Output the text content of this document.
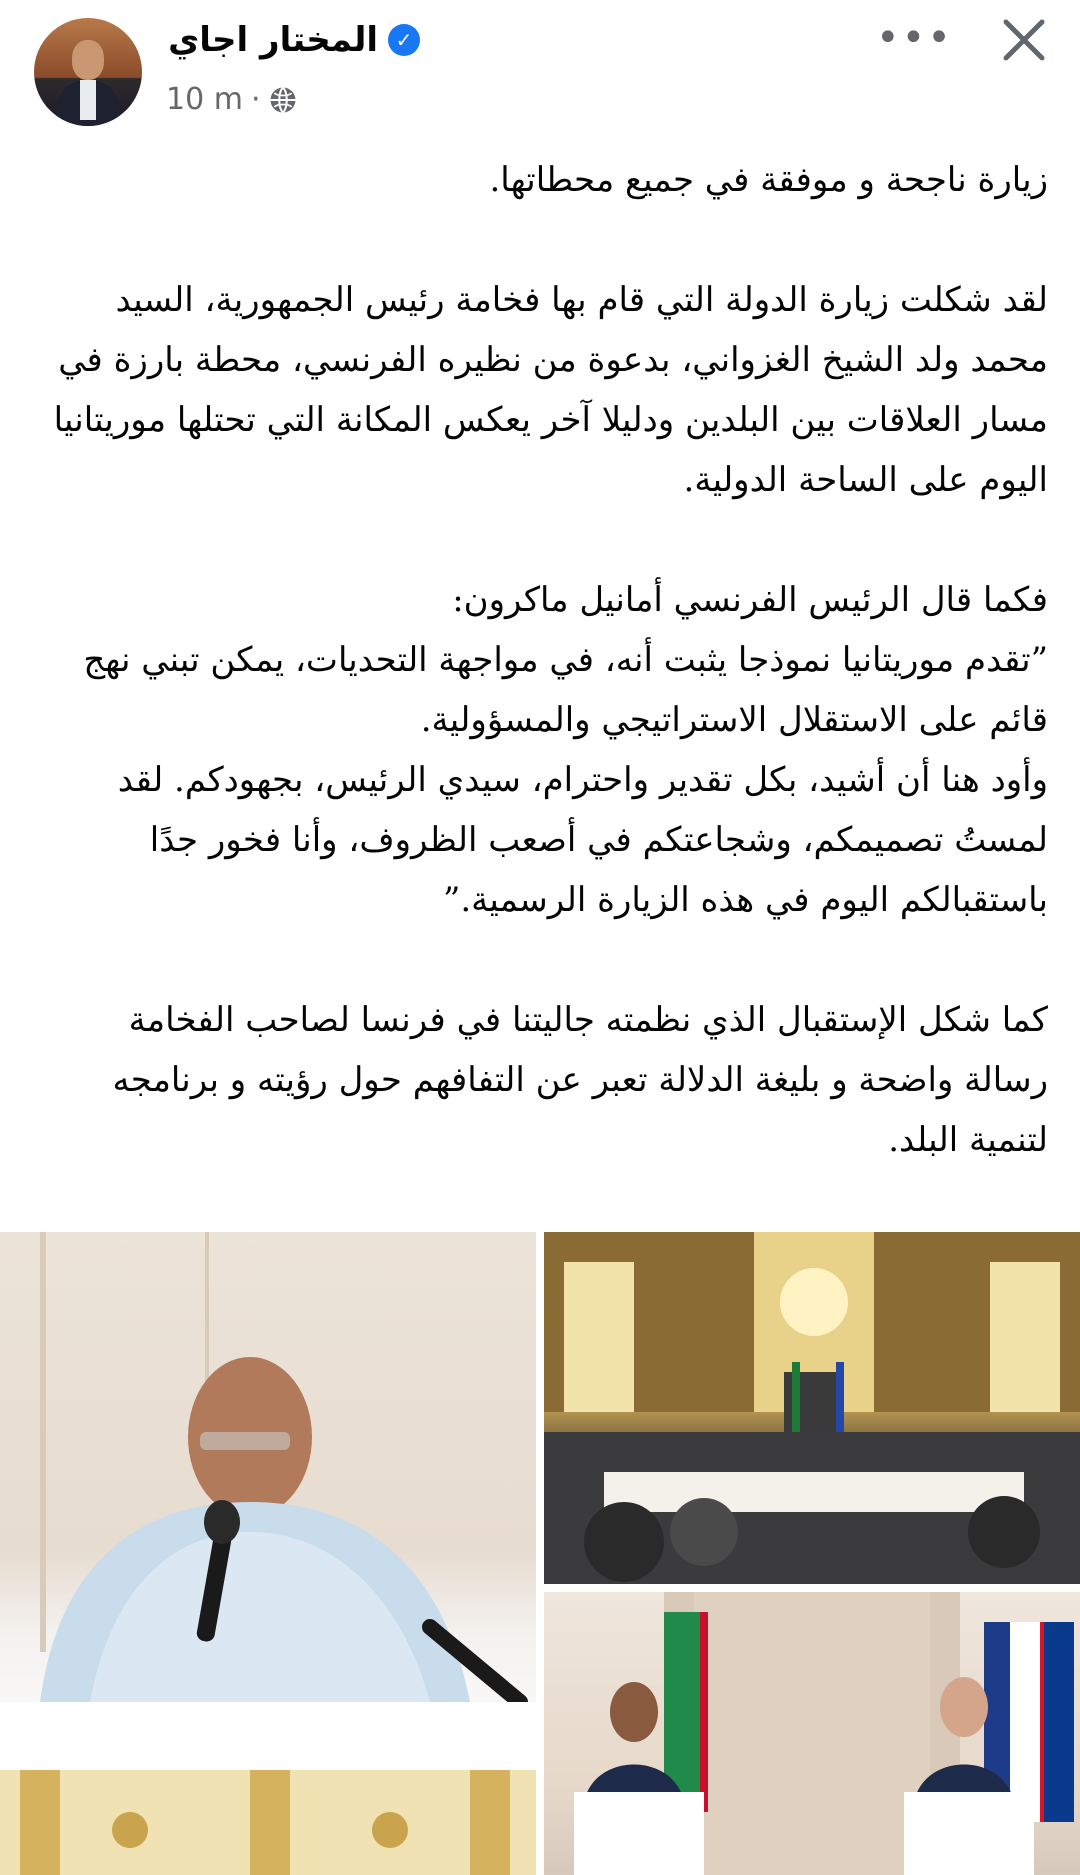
✓
المختار اجاي
10 m ·
•••

زيارة ناجحة و موفقة في جميع محطاتها.

لقد شكلت زيارة الدولة التي قام بها فخامة رئيس الجمهورية، السيد محمد ولد الشيخ الغزواني، بدعوة من نظيره الفرنسي، محطة بارزة في مسار العلاقات بين البلدين ودليلا آخر يعكس المكانة التي تحتلها موريتانيا اليوم على الساحة الدولية.

فكما قال الرئيس الفرنسي أمانيل ماكرون:

”تقدم موريتانيا نموذجا يثبت أنه، في مواجهة التحديات، يمكن تبني نهج قائم على الاستقلال الاستراتيجي والمسؤولية.

وأود هنا أن أشيد، بكل تقدير واحترام، سيدي الرئيس، بجهودكم. لقد لمستُ تصميمكم، وشجاعتكم في أصعب الظروف، وأنا فخور جدًا باستقبالكم اليوم في هذه الزيارة الرسمية.”

كما شكل الإستقبال الذي نظمته جاليتنا في فرنسا لصاحب الفخامة رسالة واضحة و بليغة الدلالة تعبر عن التفافهم حول رؤيته و برنامجه لتنمية البلد.
